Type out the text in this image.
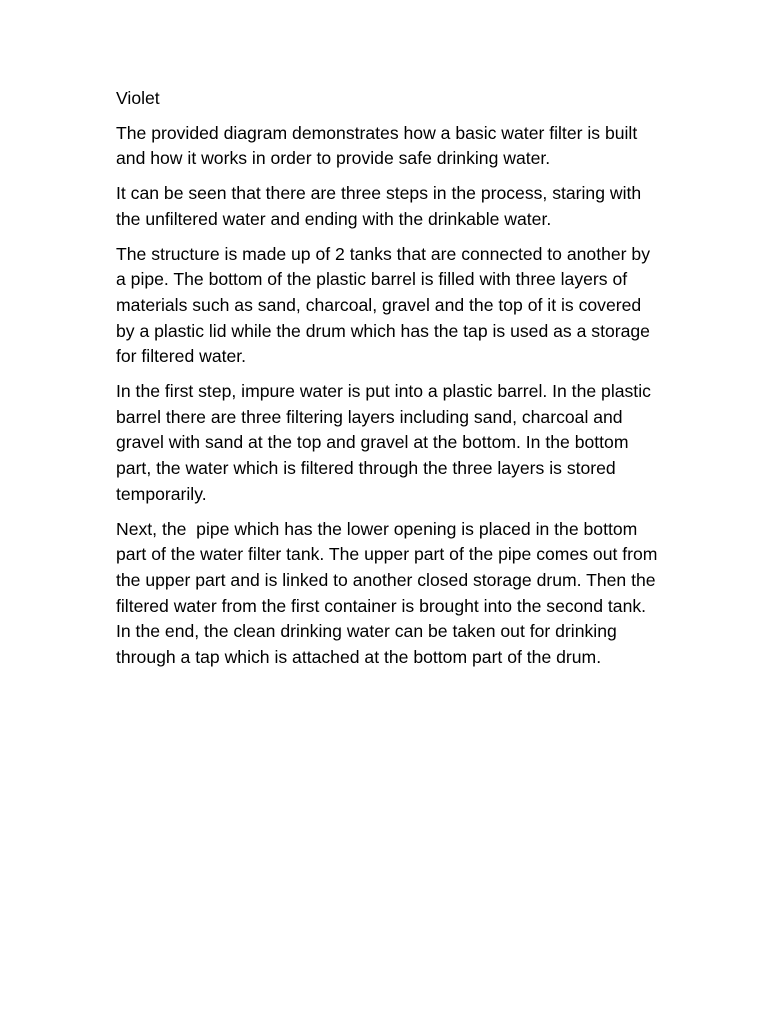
Violet

The provided diagram demonstrates how a basic water filter is built and how it works in order to provide safe drinking water.

It can be seen that there are three steps in the process, staring with the unfiltered water and ending with the drinkable water.

The structure is made up of 2 tanks that are connected to another by a pipe. The bottom of the plastic barrel is filled with three layers of materials such as sand, charcoal, gravel and the top of it is covered by a plastic lid while the drum which has the tap is used as a storage for filtered water.

In the first step, impure water is put into a plastic barrel. In the plastic barrel there are three filtering layers including sand, charcoal and gravel with sand at the top and gravel at the bottom. In the bottom part, the water which is filtered through the three layers is stored temporarily.

Next, the  pipe which has the lower opening is placed in the bottom part of the water filter tank. The upper part of the pipe comes out from the upper part and is linked to another closed storage drum. Then the filtered water from the first container is brought into the second tank. In the end, the clean drinking water can be taken out for drinking through a tap which is attached at the bottom part of the drum.
